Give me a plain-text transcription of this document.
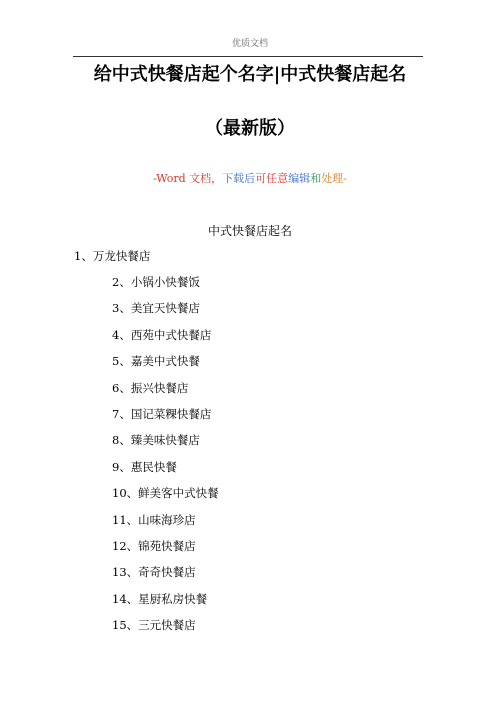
优质文档
给中式快餐店起个名字|中式快餐店起名
（最新版）
-Word 文档，下载后可任意编辑和处理-
中式快餐店起名
1、万龙快餐店
2、小锅小快餐饭
3、美宜天快餐店
4、西苑中式快餐店
5、嘉美中式快餐
6、振兴快餐店
7、国记菜粿快餐店
8、臻美味快餐店
9、惠民快餐
10、鲜美客中式快餐
11、山味海珍店
12、锦苑快餐店
13、奇奇快餐店
14、星厨私房快餐
15、三元快餐店
